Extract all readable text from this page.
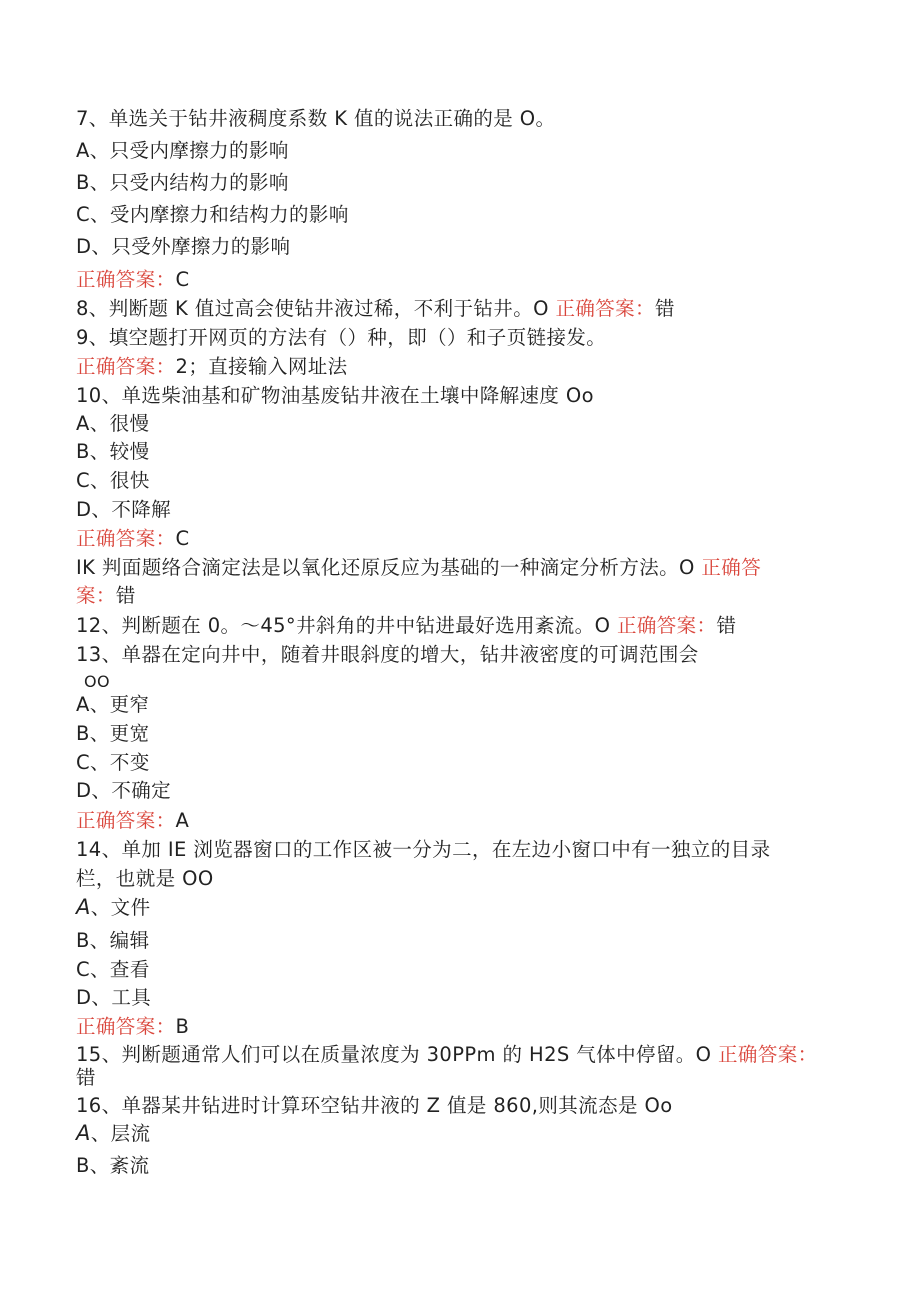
7、单选关于钻井液稠度系数 K 值的说法正确的是 O。
A、只受内摩擦力的影响
B、只受内结构力的影响
C、受内摩擦力和结构力的影响
D、只受外摩擦力的影响
正确答案：C
8、判断题 K 值过高会使钻井液过稀，不利于钻井。O 正确答案：错
9、填空题打开网页的方法有（）种，即（）和子页链接发。
正确答案：2；直接输入网址法
10、单选柴油基和矿物油基废钻井液在土壤中降解速度 Oo
A、很慢
B、较慢
C、很快
D、不降解
正确答案：C
IK 判面题络合滴定法是以氧化还原反应为基础的一种滴定分析方法。O 正确答
案：错
12、判断题在 0。〜45°井斜角的井中钻进最好选用紊流。O 正确答案：错
13、单器在定向井中，随着井眼斜度的增大，钻井液密度的可调范围会
OO
A、更窄
B、更宽
C、不变
D、不确定
正确答案：A
14、单加 IE 浏览器窗口的工作区被一分为二，在左边小窗口中有一独立的目录
栏，也就是 OO
A、文件
B、编辑
C、查看
D、工具
正确答案：B
15、判断题通常人们可以在质量浓度为 30PPm 的 H2S 气体中停留。O 正确答案：
错
16、单器某井钻进时计算环空钻井液的 Z 值是 860,则其流态是 Oo
A、层流
B、紊流
